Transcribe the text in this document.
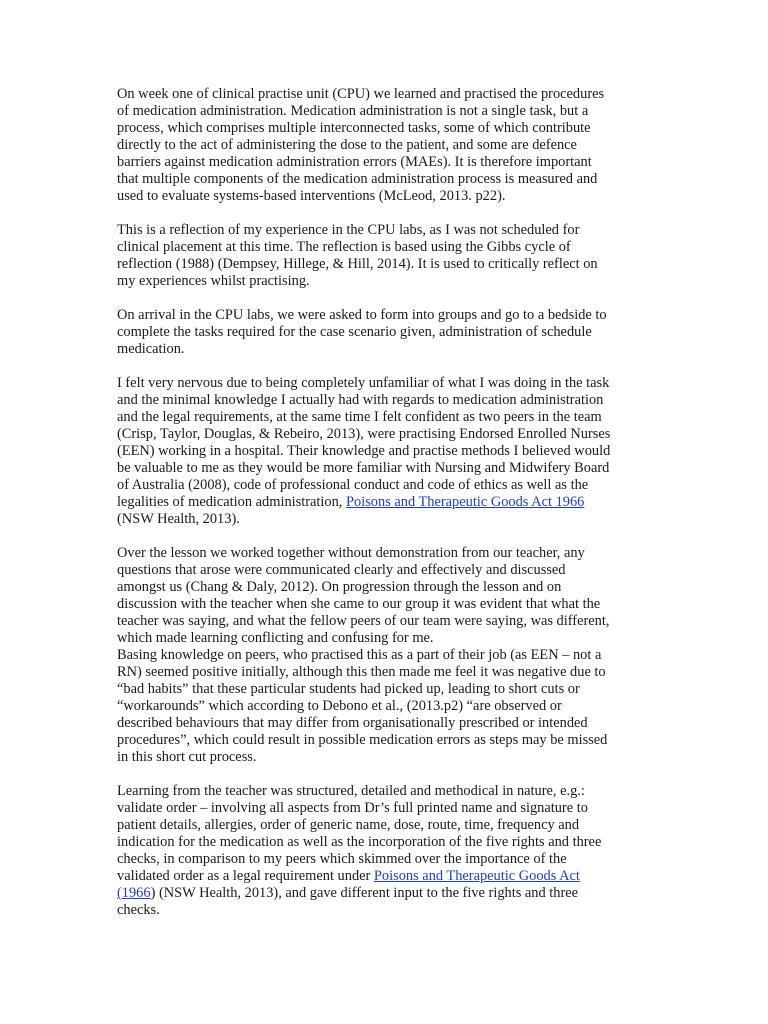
On week one of clinical practise unit (CPU) we learned and practised the procedures
of medication administration. Medication administration is not a single task, but a
process, which comprises multiple interconnected tasks, some of which contribute
directly to the act of administering the dose to the patient, and some are defence
barriers against medication administration errors (MAEs). It is therefore important
that multiple components of the medication administration process is measured and
used to evaluate systems-based interventions (McLeod, 2013. p22).

This is a reflection of my experience in the CPU labs, as I was not scheduled for
clinical placement at this time. The reflection is based using the Gibbs cycle of
reflection (1988) (Dempsey, Hillege, & Hill, 2014). It is used to critically reflect on
my experiences whilst practising.

On arrival in the CPU labs, we were asked to form into groups and go to a bedside to
complete the tasks required for the case scenario given, administration of schedule
medication.

I felt very nervous due to being completely unfamiliar of what I was doing in the task
and the minimal knowledge I actually had with regards to medication administration
and the legal requirements, at the same time I felt confident as two peers in the team
(Crisp, Taylor, Douglas, & Rebeiro, 2013), were practising Endorsed Enrolled Nurses
(EEN) working in a hospital. Their knowledge and practise methods I believed would
be valuable to me as they would be more familiar with Nursing and Midwifery Board
of Australia (2008), code of professional conduct and code of ethics as well as the
legalities of medication administration, Poisons and Therapeutic Goods Act 1966
(NSW Health, 2013).

Over the lesson we worked together without demonstration from our teacher, any
questions that arose were communicated clearly and effectively and discussed
amongst us (Chang & Daly, 2012). On progression through the lesson and on
discussion with the teacher when she came to our group it was evident that what the
teacher was saying, and what the fellow peers of our team were saying, was different,
which made learning conflicting and confusing for me.

Basing knowledge on peers, who practised this as a part of their job (as EEN – not a
RN) seemed positive initially, although this then made me feel it was negative due to
“bad habits” that these particular students had picked up, leading to short cuts or
“workarounds” which according to Debono et al., (2013.p2) “are observed or
described behaviours that may differ from organisationally prescribed or intended
procedures”, which could result in possible medication errors as steps may be missed
in this short cut process.

Learning from the teacher was structured, detailed and methodical in nature, e.g.:
validate order – involving all aspects from Dr’s full printed name and signature to
patient details, allergies, order of generic name, dose, route, time, frequency and
indication for the medication as well as the incorporation of the five rights and three
checks, in comparison to my peers which skimmed over the importance of the
validated order as a legal requirement under Poisons and Therapeutic Goods Act
(1966) (NSW Health, 2013), and gave different input to the five rights and three
checks.
